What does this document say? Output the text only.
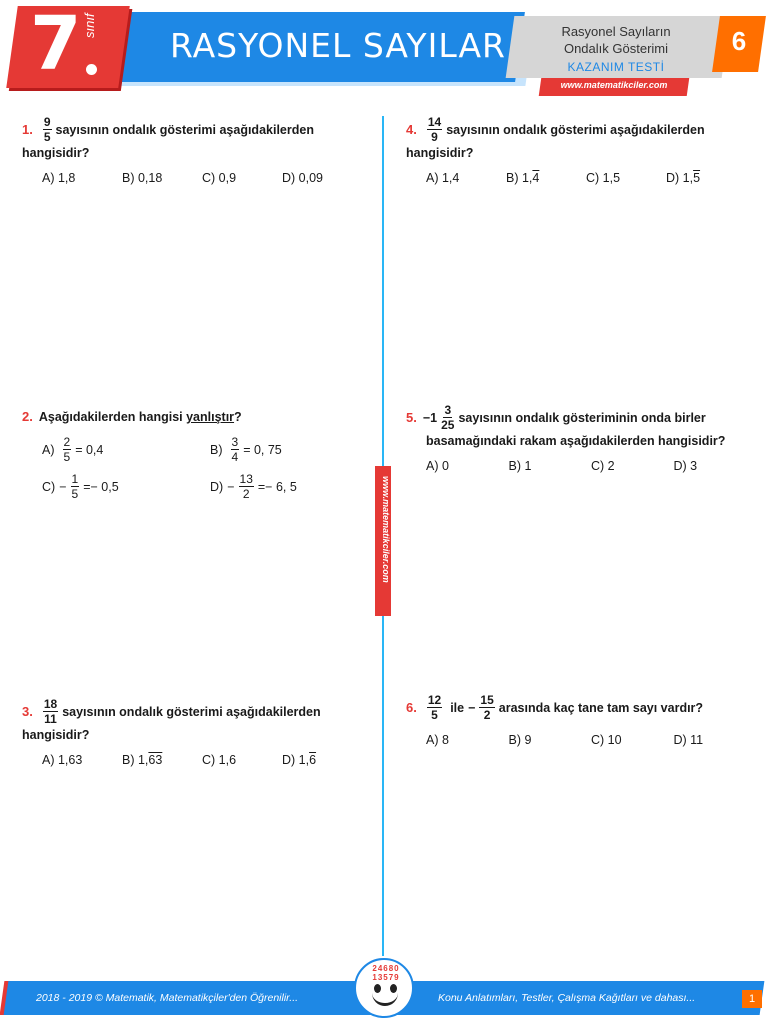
RASYONEL SAYILAR
7 sınıf	Rasyonel Sayıların
Ondalık Gösterimi
KAZANIM TESTİ
6
www.matematikciler.com
www.matematikciler.com
1. $\frac{9}{5}$ sayısının ondalık gösterimi aşağıdakilerden
hangisidir?
A) 1,8	B) 0,18	C) 0,9	D) 0,09
2. Aşağıdakilerden hangisi yanlıştır ?
$A) \frac{2}{5} = 0,4$	$B) \frac{3}{4} = 0$, 75
$C) - \frac{1}{5} =- 0,5$	$D) - \frac{13}{2} =- 6$, 5
3. $\frac{18}{11}$ sayısının ondalık gösterimi aşağıdakilerden
hangisidir?
A) 1,63	B) 1,63	C) 1,6	D) 1,6
4. $\frac{14}{9}$ sayısının ondalık gösterimi aşağıdakilerden
hangisidir?
A) 1,4	B) 1,4	C) 1,5	D) 1,5
5. $-1 \frac{3}{25}$ sayısının ondalık gösteriminin onda birler
basamağındaki rakam aşağıdakilerden hangisidir?
A) 0	B) 1	C) 2	D) 3
6. $\frac{12}{5}$ ile − $\frac{15}{2}$ arasında kaç tane tam sayı vardır?
A) 8	B) 9	C) 10	D) 11
2018 - 2019 © Matematik, Matematikçiler'den Öğrenilir...	Konu Anlatımları, Testler, Çalışma Kağıtları ve dahası...	1
24680 13579
